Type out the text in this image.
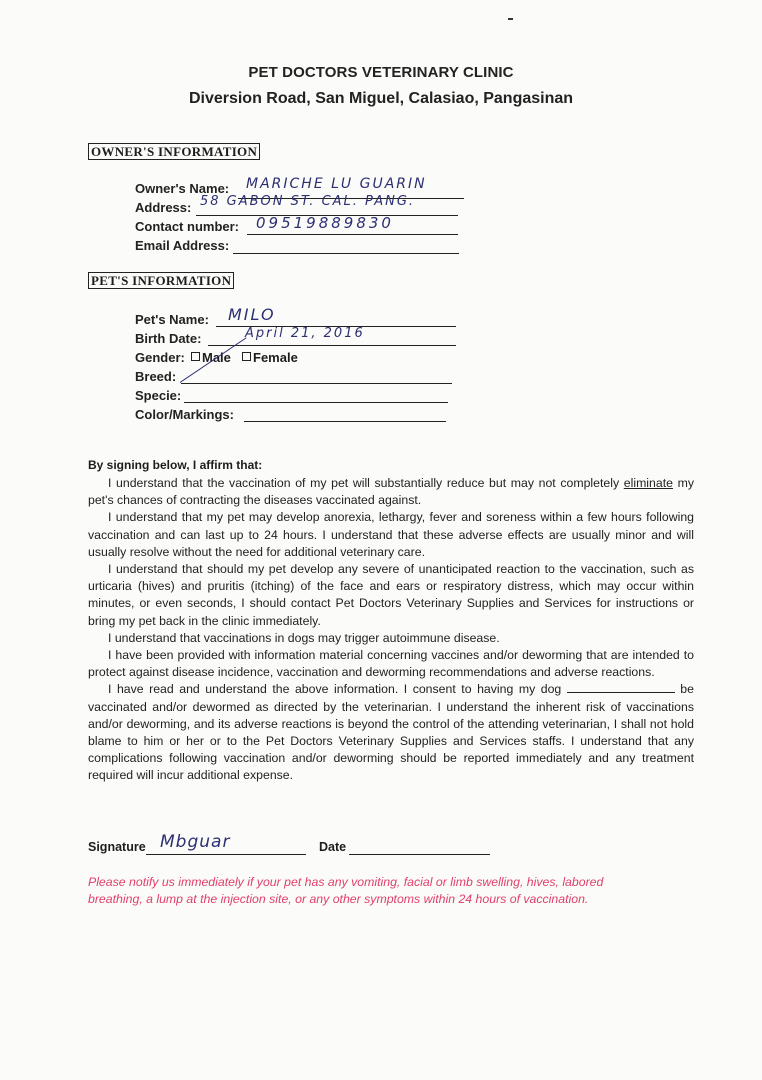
PET DOCTORS VETERINARY CLINIC
Diversion Road, San Miguel, Calasiao, Pangasinan
OWNER'S INFORMATION
Owner's Name: MARICHE LU GUARIN
Address: 58 GABON ST. CAL. PANG.
Contact number: 09519889830
Email Address:
PET'S INFORMATION
Pet's Name: MILO
Birth Date:	April 21, 2016
Gender:	Male	Female
Breed:
Specie:
Color/Markings:
By signing below, I affirm that:

I understand that the vaccination of my pet will substantially reduce but may not completely eliminate my pet's chances of contracting the diseases vaccinated against.

I understand that my pet may develop anorexia, lethargy, fever and soreness within a few hours following vaccination and can last up to 24 hours. I understand that these adverse effects are usually minor and will usually resolve without the need for additional veterinary care.

I understand that should my pet develop any severe of unanticipated reaction to the vaccination, such as urticaria (hives) and pruritis (itching) of the face and ears or respiratory distress, which may occur within minutes, or even seconds, I should contact Pet Doctors Veterinary Supplies and Services for instructions or bring my pet back in the clinic immediately.

I understand that vaccinations in dogs may trigger autoimmune disease.

I have been provided with information material concerning vaccines and/or deworming that are intended to protect against disease incidence, vaccination and deworming recommendations and adverse reactions.

I have read and understand the above information. I consent to having my dog	be vaccinated and/or dewormed as directed by the veterinarian. I understand the inherent risk of vaccinations and/or deworming, and its adverse reactions is beyond the control of the attending veterinarian, I shall not hold blame to him or her or to the Pet Doctors Veterinary Supplies and Services staffs. I understand that any complications following vaccination and/or deworming should be reported immediately and any treatment required will incur additional expense.

Signature Mbguar	Date
Please notify us immediately if your pet has any vomiting, facial or limb swelling, hives, labored breathing, a lump at the injection site, or any other symptoms within 24 hours of vaccination.
